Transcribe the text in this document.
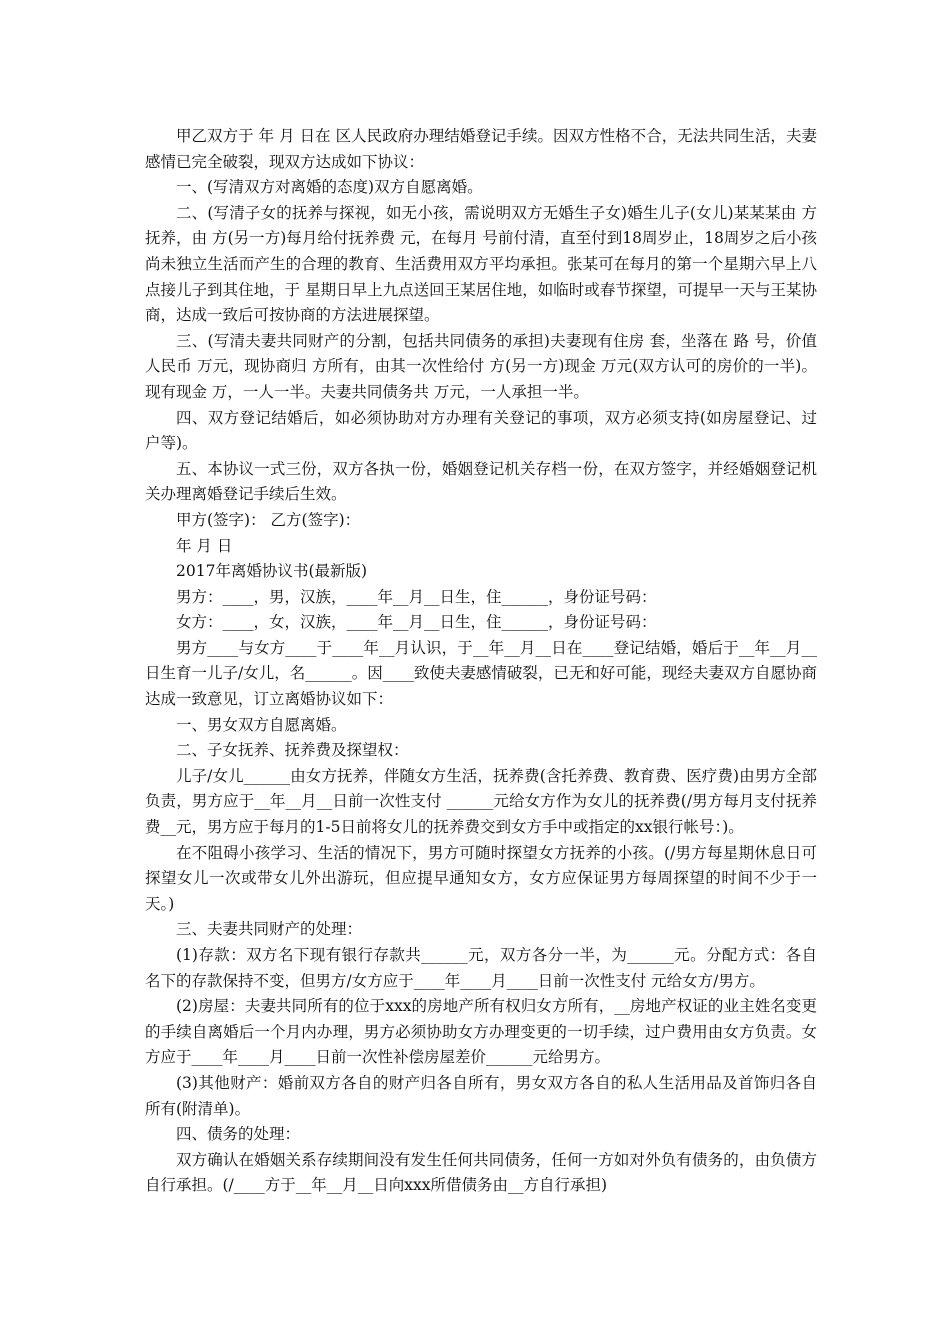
甲乙双方于 年 月 日在 区人民政府办理结婚登记手续。因双方性格不合，无法共同生活，夫妻感情已完全破裂，现双方达成如下协议：

一、(写清双方对离婚的态度)双方自愿离婚。

二、(写清子女的抚养与探视，如无小孩，需说明双方无婚生子女)婚生儿子(女儿)某某某由 方抚养，由 方(另一方)每月给付抚养费 元，在每月 号前付清，直至付到18周岁止，18周岁之后小孩尚未独立生活而产生的合理的教育、生活费用双方平均承担。张某可在每月的第一个星期六早上八点接儿子到其住地，于 星期日早上九点送回王某居住地，如临时或春节探望，可提早一天与王某协商，达成一致后可按协商的方法进展探望。

三、(写清夫妻共同财产的分割，包括共同债务的承担)夫妻现有住房 套，坐落在 路 号，价值人民币 万元，现协商归 方所有，由其一次性给付 方(另一方)现金 万元(双方认可的房价的一半)。 现有现金 万，一人一半。夫妻共同债务共 万元，一人承担一半。

四、双方登记结婚后，如必须协助对方办理有关登记的事项，双方必须支持(如房屋登记、过户等)。

五、本协议一式三份，双方各执一份，婚姻登记机关存档一份，在双方签字，并经婚姻登记机关办理离婚登记手续后生效。

甲方(签字)： 乙方(签字)：

年 月 日

2017年离婚协议书(最新版)

男方：____，男，汉族，____年__月__日生，住______，身份证号码：

女方：____，女，汉族，____年__月__日生，住______，身份证号码：

男方____与女方____于____年__月认识，于__年__月__日在____登记结婚，婚后于__年__月__日生育一儿子/女儿，名______。因____致使夫妻感情破裂，已无和好可能，现经夫妻双方自愿协商达成一致意见，订立离婚协议如下：

一、男女双方自愿离婚。

二、子女抚养、抚养费及探望权：

儿子/女儿______由女方抚养，伴随女方生活，抚养费(含托养费、教育费、医疗费)由男方全部负责，男方应于__年__月__日前一次性支付 ______元给女方作为女儿的抚养费(/男方每月支付抚养费__元，男方应于每月的1-5日前将女儿的抚养费交到女方手中或指定的xx银行帐号：)。

在不阻碍小孩学习、生活的情况下，男方可随时探望女方抚养的小孩。(/男方每星期休息日可探望女儿一次或带女儿外出游玩，但应提早通知女方，女方应保证男方每周探望的时间不少于一天。)

三、夫妻共同财产的处理：

(1)存款：双方名下现有银行存款共______元，双方各分一半，为______元。分配方式：各自名下的存款保持不变，但男方/女方应于____年____月____日前一次性支付 元给女方/男方。

(2)房屋：夫妻共同所有的位于xxx的房地产所有权归女方所有，__房地产权证的业主姓名变更的手续自离婚后一个月内办理，男方必须协助女方办理变更的一切手续，过户费用由女方负责。女方应于____年____月____日前一次性补偿房屋差价______元给男方。

(3)其他财产：婚前双方各自的财产归各自所有，男女双方各自的私人生活用品及首饰归各自所有(附清单)。

四、债务的处理：

双方确认在婚姻关系存续期间没有发生任何共同债务，任何一方如对外负有债务的，由负债方自行承担。(/____方于__年__月__日向xxx所借债务由__方自行承担)
